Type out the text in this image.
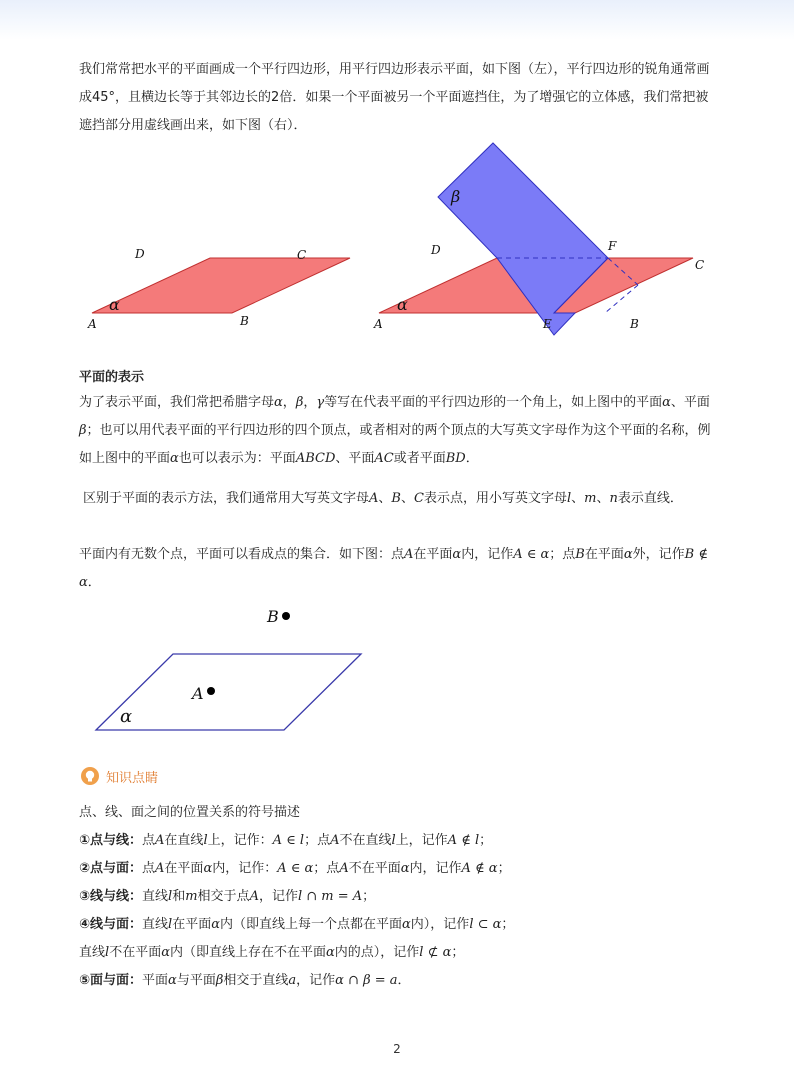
我们常常把水平的平面画成一个平行四边形，用平行四边形表示平面，如下图（左），平行四边形的锐角通常画成45°，且横边长等于其邻边长的2倍．如果一个平面被另一个平面遮挡住，为了增强它的立体感，我们常把被遮挡部分用虚线画出来，如下图（右）．

D	C
A	B
α
D	F
C
A	E	B
α
β

平面的表示

为了表示平面，我们常把希腊字母α，β，γ等写在代表平面的平行四边形的一个角上，如上图中的平面α、平面β；也可以用代表平面的平行四边形的四个顶点，或者相对的两个顶点的大写英文字母作为这个平面的名称，例如上图中的平面α也可以表示为：平面ABCD、平面AC或者平面BD．

区别于平面的表示方法，我们通常用大写英文字母A、B、C表示点，用小写英文字母l、m、n表示直线．

平面内有无数个点，平面可以看成点的集合．如下图：点A在平面α内，记作A ∈ α；点B在平面α外，记作B ∉ α．

B
A
α
知识点睛

点、线、面之间的位置关系的符号描述

①点与线：点A在直线l上，记作：A ∈ l；点A不在直线l上，记作A ∉ l；

②点与面：点A在平面α内，记作：A ∈ α；点A不在平面α内，记作A ∉ α；

③线与线：直线l和m相交于点A，记作l ∩ m = A；

④线与面：直线l在平面α内（即直线上每一个点都在平面α内），记作l ⊂ α；

直线l不在平面α内（即直线上存在不在平面α内的点），记作l ⊄ α；

⑤面与面：平面α与平面β相交于直线a，记作α ∩ β = a．

2
